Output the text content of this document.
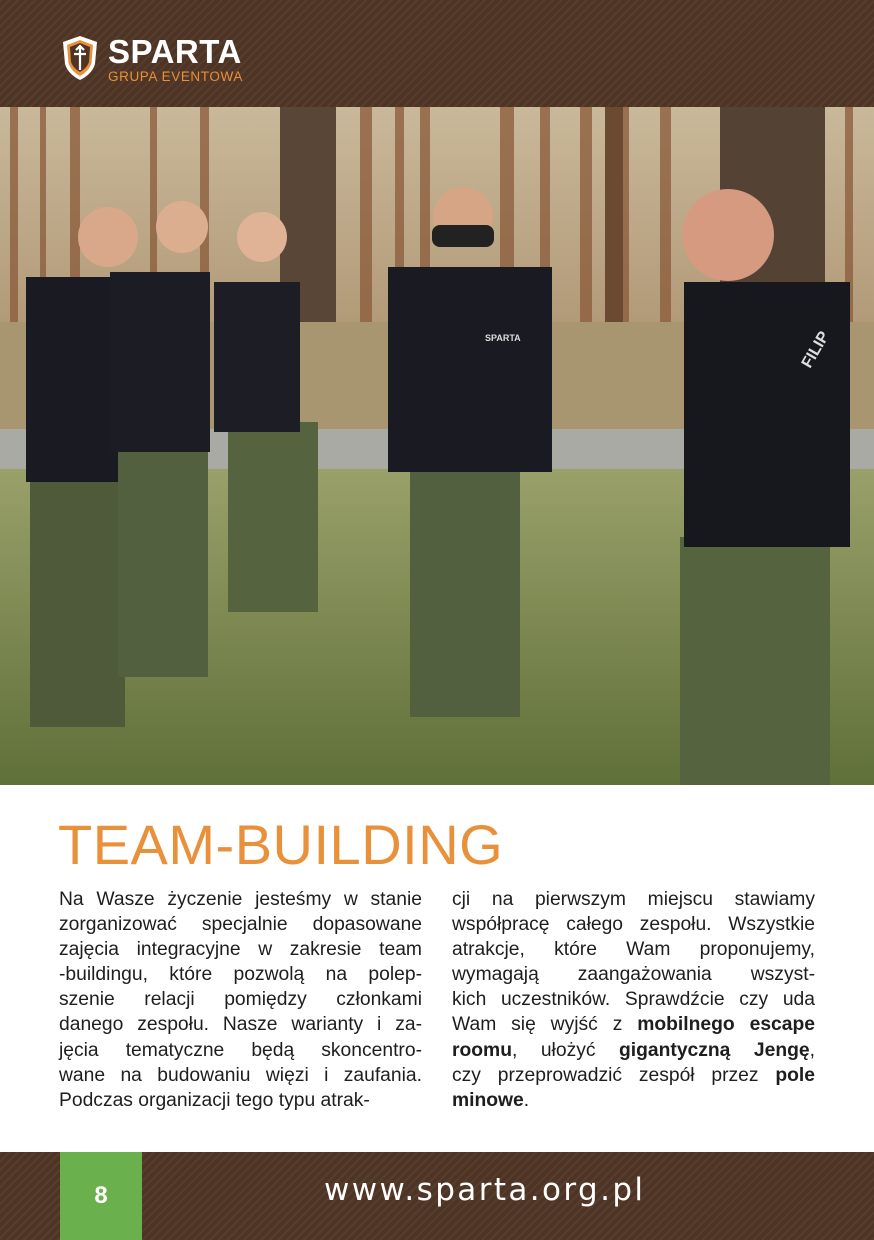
SPARTA
GRUPA EVENTOWA
SPARTA	FILIP
TEAM-BUILDING

Na Wasze życzenie jesteśmy w stanie

zorganizować specjalnie dopasowane

zajęcia integracyjne w zakresie team

-buildingu, które pozwolą na polep-

szenie relacji pomiędzy członkami

danego zespołu. Nasze warianty i za-

jęcia tematyczne będą skoncentro-

wane na budowaniu więzi i zaufania.

Podczas organizacji tego typu atrak-

cji na pierwszym miejscu stawiamy

współpracę całego zespołu. Wszystkie

atrakcje, które Wam proponujemy,

wymagają zaangażowania wszyst-

kich uczestników. Sprawdźcie czy uda

Wam się wyjść z mobilnego escape

roomu, ułożyć gigantyczną Jengę,

czy przeprowadzić zespół przez pole

minowe.

8	www.sparta.org.pl
